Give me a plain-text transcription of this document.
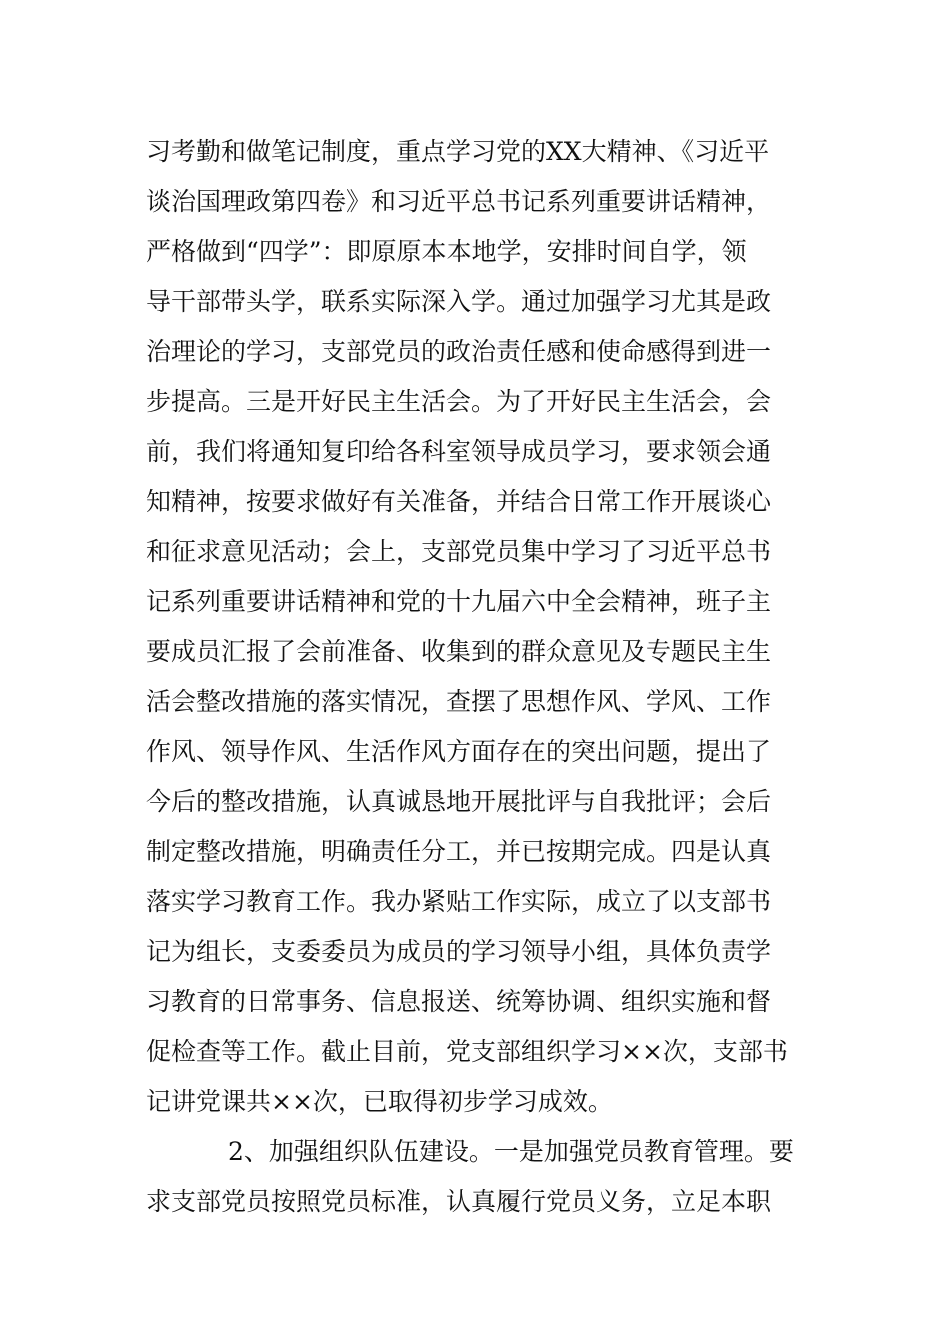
习考勤和做笔记制度，重点学习党的XX大精神、《习近平
谈治国理政第四卷》和习近平总书记系列重要讲话精神，
严格做到“四学”：即原原本本地学，安排时间自学，领
导干部带头学，联系实际深入学。通过加强学习尤其是政
治理论的学习，支部党员的政治责任感和使命感得到进一
步提高。三是开好民主生活会。为了开好民主生活会，会
前，我们将通知复印给各科室领导成员学习，要求领会通
知精神，按要求做好有关准备，并结合日常工作开展谈心
和征求意见活动；会上，支部党员集中学习了习近平总书
记系列重要讲话精神和党的十九届六中全会精神，班子主
要成员汇报了会前准备、收集到的群众意见及专题民主生
活会整改措施的落实情况，查摆了思想作风、学风、工作
作风、领导作风、生活作风方面存在的突出问题，提出了
今后的整改措施，认真诚恳地开展批评与自我批评；会后
制定整改措施，明确责任分工，并已按期完成。四是认真
落实学习教育工作。我办紧贴工作实际，成立了以支部书
记为组长，支委委员为成员的学习领导小组，具体负责学
习教育的日常事务、信息报送、统筹协调、组织实施和督
促检查等工作。截止目前，党支部组织学习××次，支部书
记讲党课共××次，已取得初步学习成效。
2、加强组织队伍建设。一是加强党员教育管理。要
求支部党员按照党员标准，认真履行党员义务，立足本职
